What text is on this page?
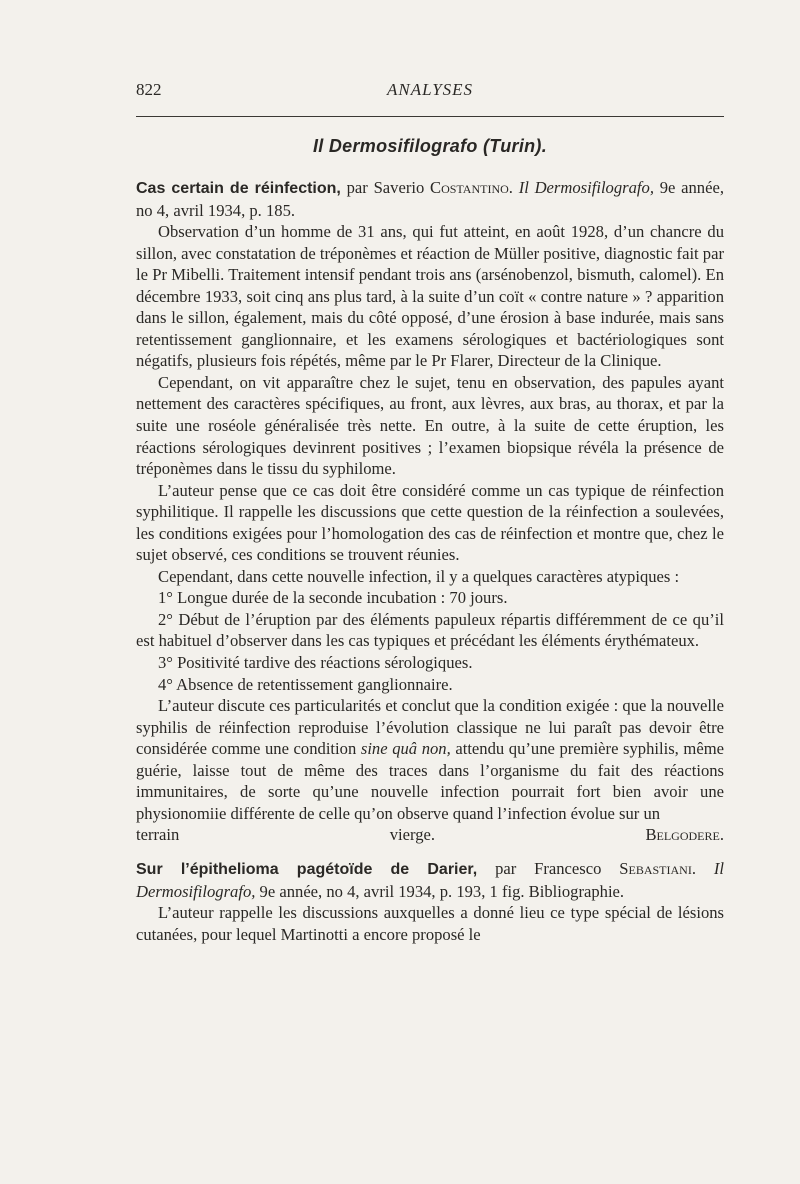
822	ANALYSES
Il Dermosifilografo (Turin).

Cas certain de réinfection, par Saverio Costantino. Il Dermosifilografo, 9e année, no 4, avril 1934, p. 185.

Observation d’un homme de 31 ans, qui fut atteint, en août 1928, d’un chancre du sillon, avec constatation de tréponèmes et réaction de Müller positive, diagnostic fait par le Pr Mibelli. Traitement intensif pendant trois ans (arsénobenzol, bismuth, calomel). En décembre 1933, soit cinq ans plus tard, à la suite d’un coït « contre nature » ? apparition dans le sillon, également, mais du côté opposé, d’une érosion à base indurée, mais sans retentissement ganglionnaire, et les examens sérologiques et bactériologiques sont négatifs, plusieurs fois répétés, même par le Pr Flarer, Directeur de la Clinique.

Cependant, on vit apparaître chez le sujet, tenu en observation, des papules ayant nettement des caractères spécifiques, au front, aux lèvres, aux bras, au thorax, et par la suite une roséole généralisée très nette. En outre, à la suite de cette éruption, les réactions sérologiques devinrent positives ; l’examen biopsique révéla la présence de tréponèmes dans le tissu du syphilome.

L’auteur pense que ce cas doit être considéré comme un cas typique de réinfection syphilitique. Il rappelle les discussions que cette question de la réinfection a soulevées, les conditions exigées pour l’homologation des cas de réinfection et montre que, chez le sujet observé, ces conditions se trouvent réunies.

Cependant, dans cette nouvelle infection, il y a quelques caractères atypiques :

1° Longue durée de la seconde incubation : 70 jours.

2° Début de l’éruption par des éléments papuleux répartis différemment de ce qu’il est habituel d’observer dans les cas typiques et précédant les éléments érythémateux.

3° Positivité tardive des réactions sérologiques.

4° Absence de retentissement ganglionnaire.

L’auteur discute ces particularités et conclut que la condition exigée : que la nouvelle syphilis de réinfection reproduise l’évolution classique ne lui paraît pas devoir être considérée comme une condition sine quâ non, attendu qu’une première syphilis, même guérie, laisse tout de même des traces dans l’organisme du fait des réactions immunitaires, de sorte qu’une nouvelle infection pourrait fort bien avoir une physionomiie différente de celle qu’on observe quand l’infection évolue sur un

terrain vierge.	Belgodere.

Sur l’épithelioma pagétoïde de Darier, par Francesco Sebastiani. Il Dermosifilografo, 9e année, no 4, avril 1934, p. 193, 1 fig. Bibliographie.

L’auteur rappelle les discussions auxquelles a donné lieu ce type spécial de lésions cutanées, pour lequel Martinotti a encore proposé le
